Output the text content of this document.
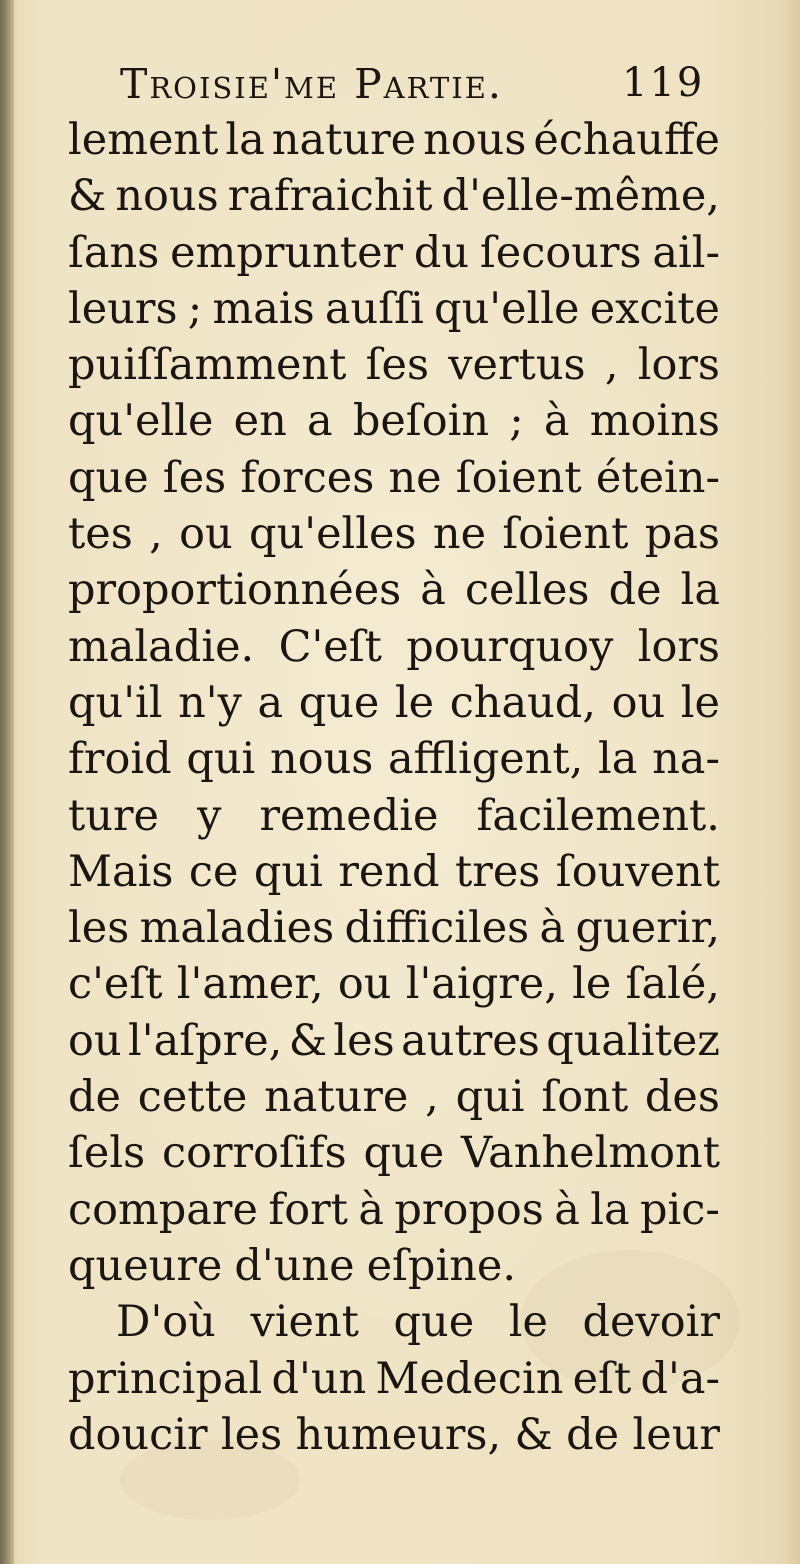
Troisie'me Partie.	119
lement la nature nous échauffe
& nous rafraichit d'elle-même,
ſans emprunter du ſecours ail-
leurs ; mais auſſi qu'elle excite
puiſſamment ſes vertus , lors
qu'elle en a beſoin ; à moins
que ſes forces ne ſoient étein-
tes , ou qu'elles ne ſoient pas
proportionnées à celles de la
maladie. C'eſt pourquoy lors
qu'il n'y a que le chaud, ou le
froid qui nous affligent, la na-
ture y remedie facilement.
Mais ce qui rend tres ſouvent
les maladies difficiles à guerir,
c'eſt l'amer, ou l'aigre, le ſalé,
ou l'aſpre, & les autres qualitez
de cette nature , qui ſont des
ſels corroſifs que Vanhelmont
compare fort à propos à la pic-
queure d'une eſpine.
D'où vient que le devoir
principal d'un Medecin eſt d'a-
doucir les humeurs, & de leur
